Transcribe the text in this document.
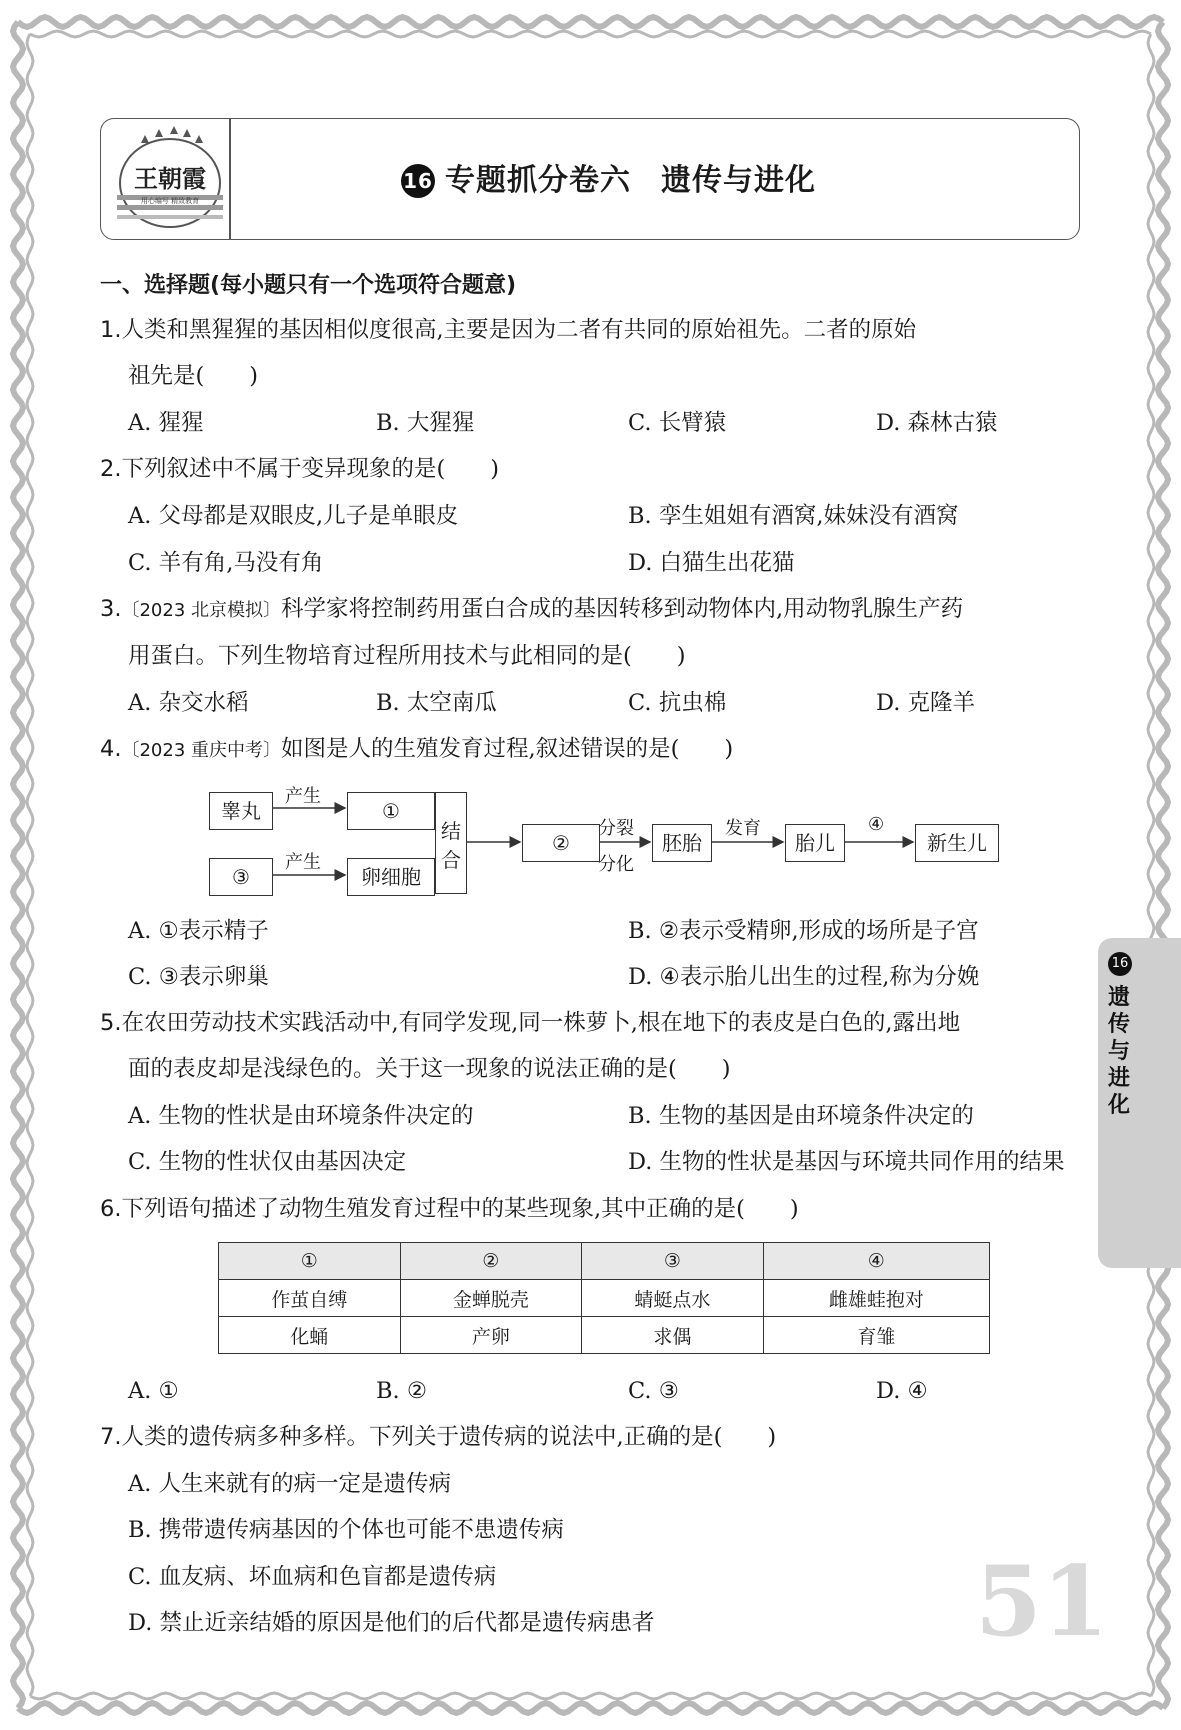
王朝霞
用心编写 精致教育
16 专题抓分卷六 遗传与进化
一、选择题(每小题只有一个选项符合题意)
1.人类和黑猩猩的基因相似度很高,主要是因为二者有共同的原始祖先。二者的原始
祖先是(　　)
A. 猩猩	B. 大猩猩	C. 长臂猿	D. 森林古猿
2.下列叙述中不属于变异现象的是(　　)
A. 父母都是双眼皮,儿子是单眼皮	B. 孪生姐姐有酒窝,妹妹没有酒窝
C. 羊有角,马没有角	D. 白猫生出花猫
3.〔2023 北京模拟〕科学家将控制药用蛋白合成的基因转移到动物体内,用动物乳腺生产药
用蛋白。下列生物培育过程所用技术与此相同的是(　　)
A. 杂交水稻	B. 太空南瓜	C. 抗虫棉	D. 克隆羊
4.〔2023 重庆中考〕如图是人的生殖发育过程,叙述错误的是(　　)
睾丸
产生
①
③
产生
卵细胞
结
合
②
分裂
分化
胚胎
发育
胎儿
④
新生儿
A. ①表示精子	B. ②表示受精卵,形成的场所是子宫
C. ③表示卵巢	D. ④表示胎儿出生的过程,称为分娩
5.在农田劳动技术实践活动中,有同学发现,同一株萝卜,根在地下的表皮是白色的,露出地
面的表皮却是浅绿色的。关于这一现象的说法正确的是(　　)
A. 生物的性状是由环境条件决定的	B. 生物的基因是由环境条件决定的
C. 生物的性状仅由基因决定	D. 生物的性状是基因与环境共同作用的结果
6.下列语句描述了动物生殖发育过程中的某些现象,其中正确的是(　　)
①	②	③	④
作茧自缚	金蝉脱壳	蜻蜓点水	雌雄蛙抱对
化蛹	产卵	求偶	育雏
A. ①	B. ②	C. ③	D. ④
7.人类的遗传病多种多样。下列关于遗传病的说法中,正确的是(　　)
A. 人生来就有的病一定是遗传病
B. 携带遗传病基因的个体也可能不患遗传病
C. 血友病、坏血病和色盲都是遗传病
D. 禁止近亲结婚的原因是他们的后代都是遗传病患者
16
遗传与进化
51
